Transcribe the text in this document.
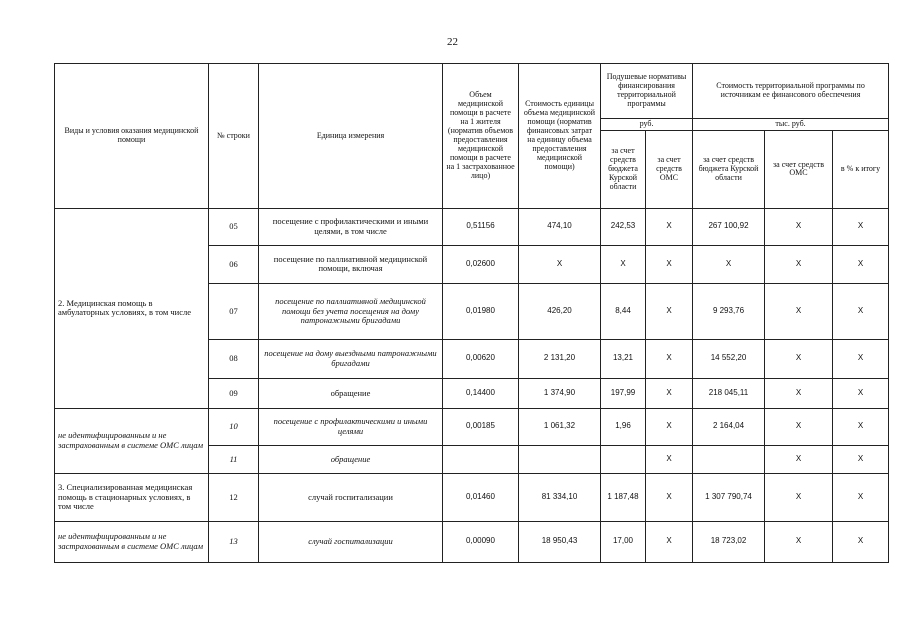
22
Виды и условия оказания медицинской помощи	№ строки	Единица измерения	Объем медицинской помощи в расчете на 1 жителя (норматив объемов предоставления медицинской помощи в расчете на 1 застрахованное лицо)	Стоимость единицы объема медицинской помощи (норматив финансовых затрат на единицу объема предоставления медицинской помощи)	Подушевые нормативы финансирования территориальной программы		Стоимость территориальной программы по источникам ее финансового обеспечения		
					руб.		тыс. руб.		
					за счет средств бюджета Курской области	за счет средств ОМС	за счет средств бюджета Курской области	за счет средств ОМС	в % к итогу
2. Медицинская помощь в амбулаторных условиях, в том числе	05	посещение с профилактическими и иными целями, в том числе	0,51156	474,10	242,53	X	267 100,92	X	X
	06	посещение по паллиативной медицинской помощи, включая	0,02600	X	X	X	X	X	X
	07	посещение по паллиативной медицинской помощи без учета посещения на дому патронажными бригадами	0,01980	426,20	8,44	X	9 293,76	X	X
	08	посещение на дому выездными патронажными бригадами	0,00620	2 131,20	13,21	X	14 552,20	X	X
	09	обращение	0,14400	1 374,90	197,99	X	218 045,11	X	X
не идентифицированным и не застрахованным в системе ОМС лицам	10	посещение с профилактическими и иными целями	0,00185	1 061,32	1,96	X	2 164,04	X	X
	11	обращение				X		X	X
3. Специализированная медицинская помощь в стационарных условиях, в том числе	12	случай госпитализации	0,01460	81 334,10	1 187,48	X	1 307 790,74	X	X
не идентифицированным и не застрахованным в системе ОМС лицам	13	случай госпитализации	0,00090	18 950,43	17,00	X	18 723,02	X	X
